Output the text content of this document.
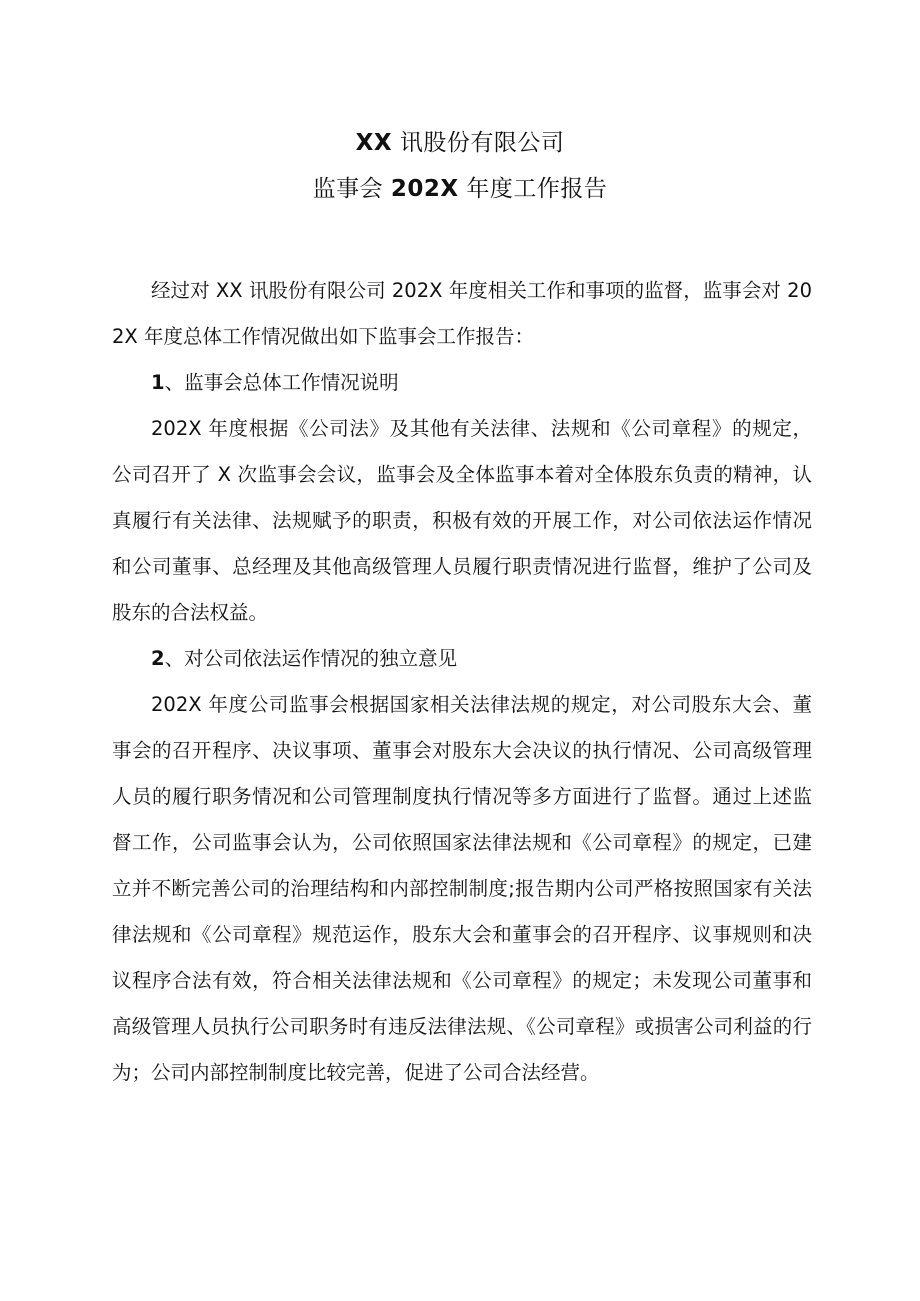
XX 讯股份有限公司
监事会 202X 年度工作报告

经过对 XX 讯股份有限公司 202X 年度相关工作和事项的监督，监事会对 202X 年度总体工作情况做出如下监事会工作报告：

1、监事会总体工作情况说明

202X 年度根据《公司法》及其他有关法律、法规和《公司章程》的规定，公司召开了 X 次监事会会议，监事会及全体监事本着对全体股东负责的精神，认真履行有关法律、法规赋予的职责，积极有效的开展工作，对公司依法运作情况和公司董事、总经理及其他高级管理人员履行职责情况进行监督，维护了公司及股东的合法权益。

2、对公司依法运作情况的独立意见

202X 年度公司监事会根据国家相关法律法规的规定，对公司股东大会、董事会的召开程序、决议事项、董事会对股东大会决议的执行情况、公司高级管理人员的履行职务情况和公司管理制度执行情况等多方面进行了监督。通过上述监督工作，公司监事会认为，公司依照国家法律法规和《公司章程》的规定，已建立并不断完善公司的治理结构和内部控制制度;报告期内公司严格按照国家有关法律法规和《公司章程》规范运作，股东大会和董事会的召开程序、议事规则和决议程序合法有效，符合相关法律法规和《公司章程》的规定；未发现公司董事和高级管理人员执行公司职务时有违反法律法规、《公司章程》或损害公司利益的行为；公司内部控制制度比较完善，促进了公司合法经营。
